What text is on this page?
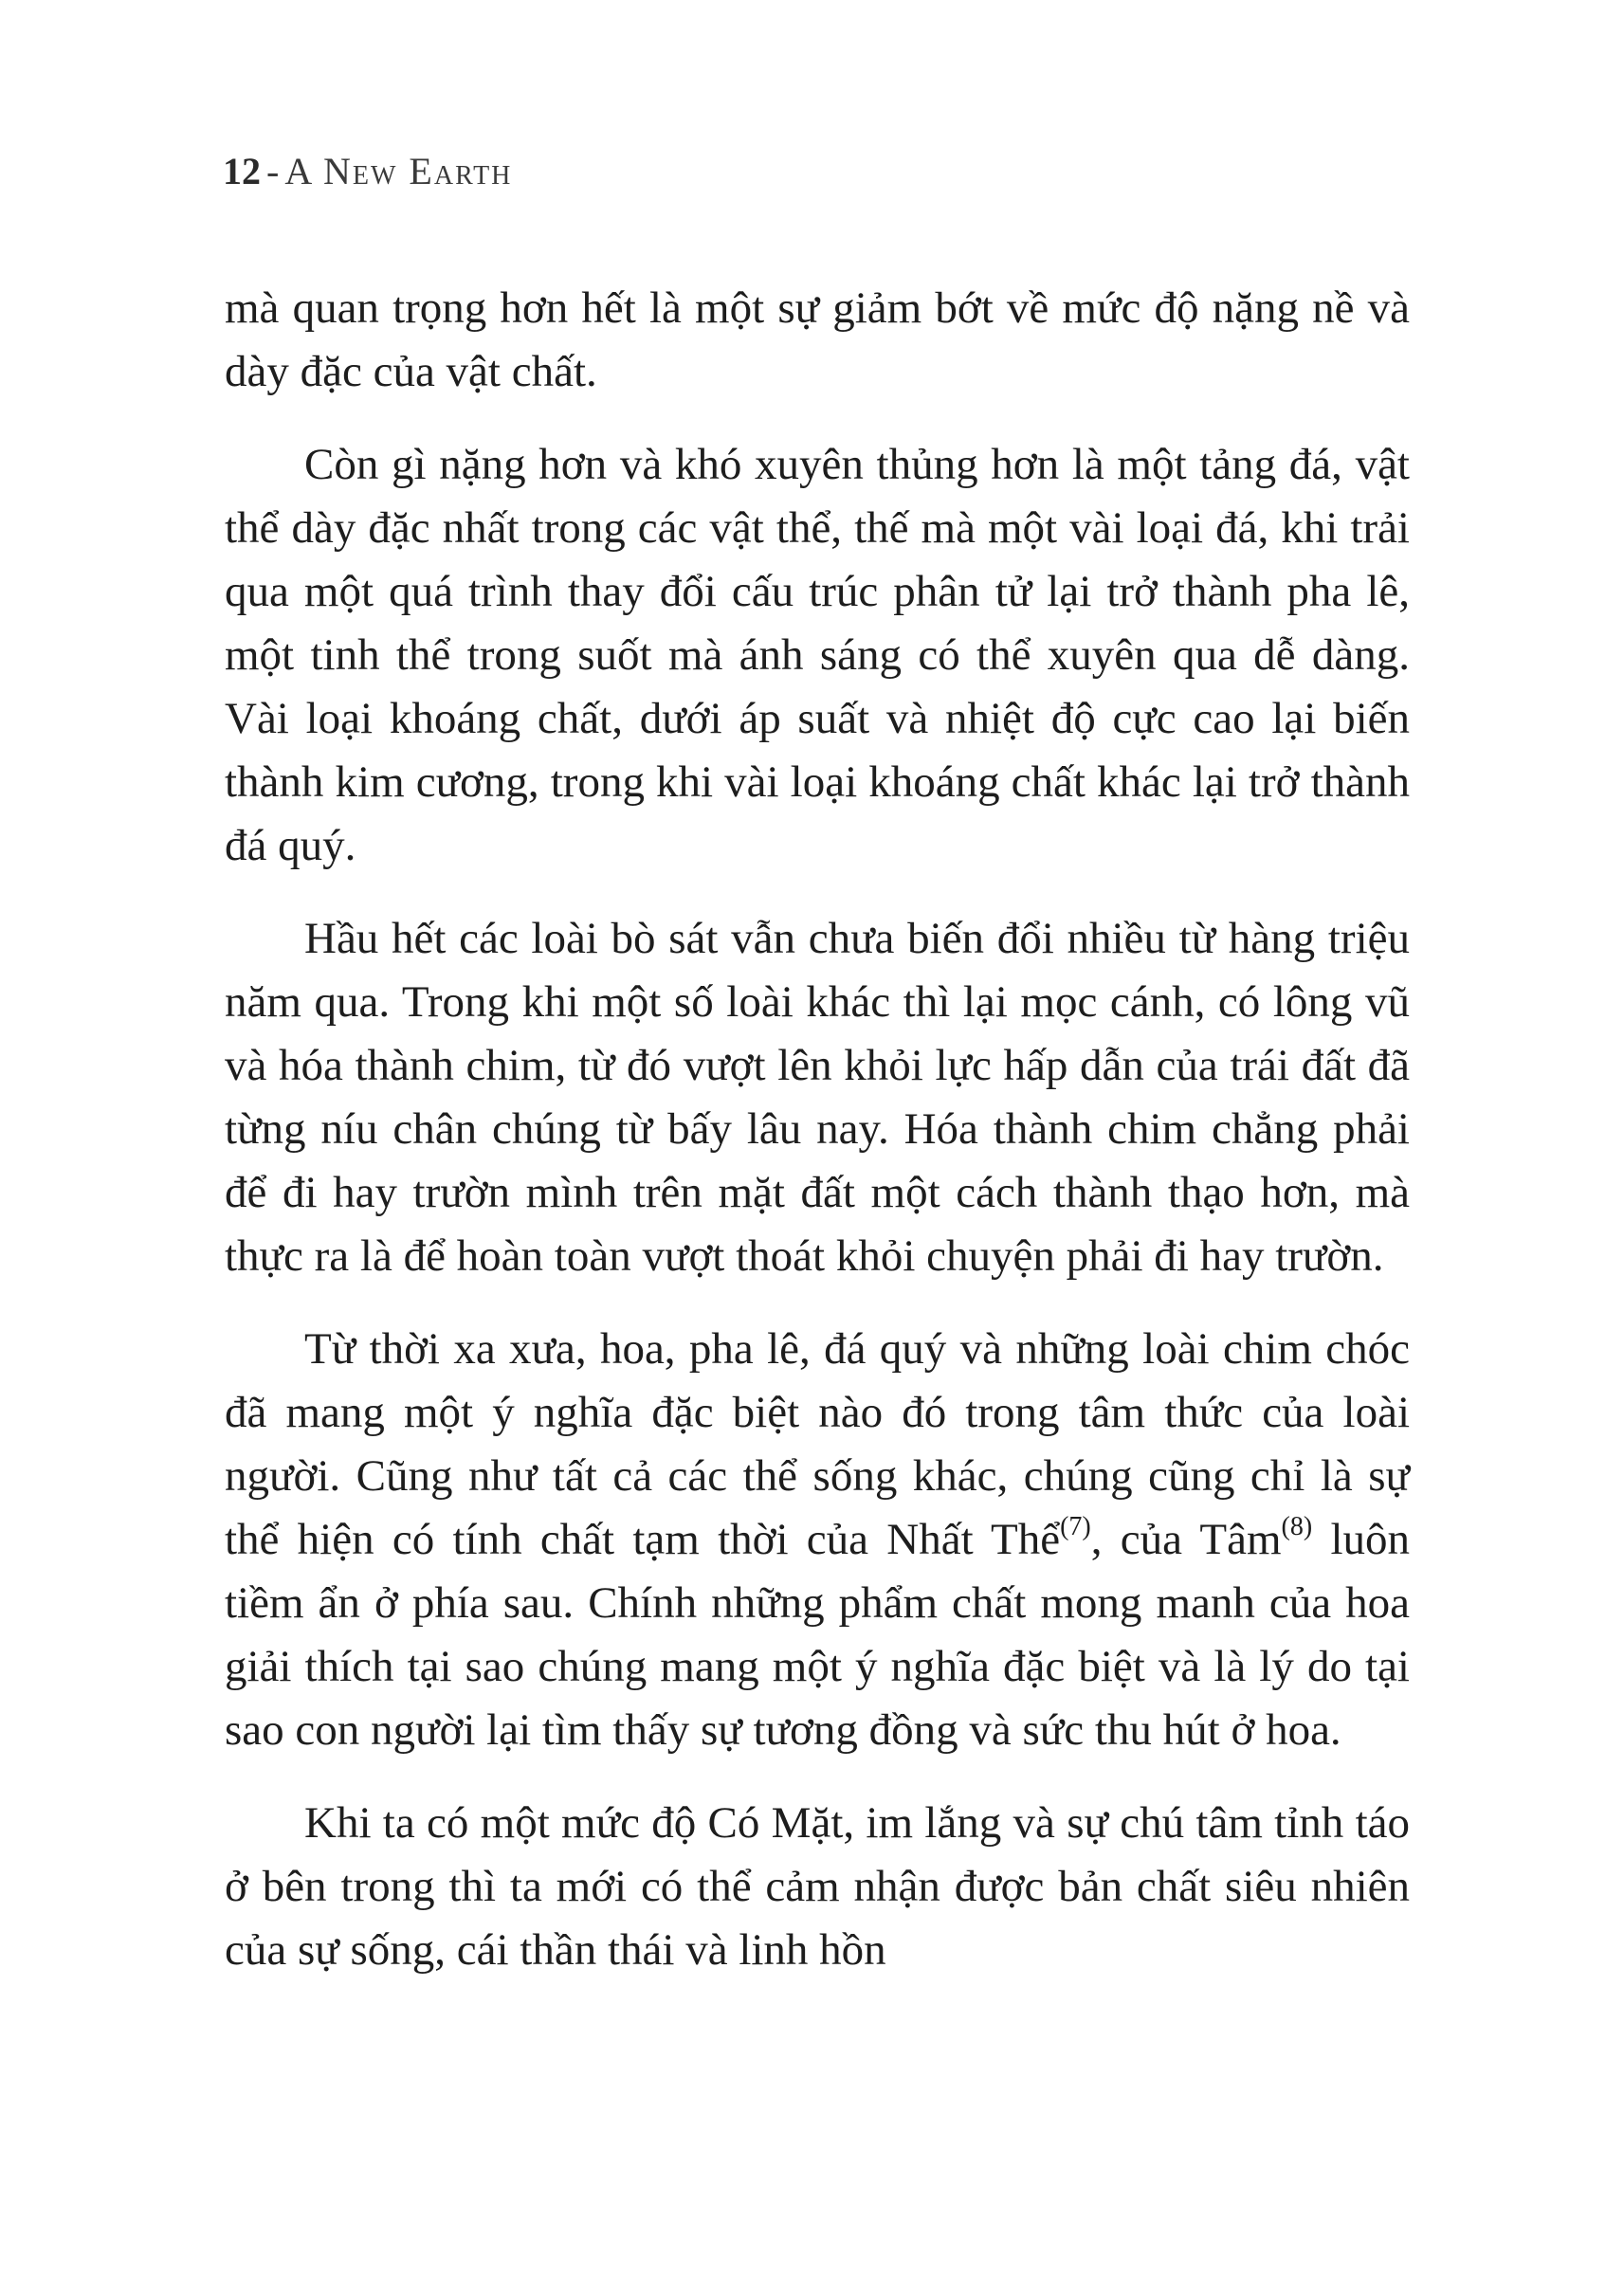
12 - A New Earth

mà quan trọng hơn hết là một sự giảm bớt về mức độ nặng nề và dày đặc của vật chất.

Còn gì nặng hơn và khó xuyên thủng hơn là một tảng đá, vật thể dày đặc nhất trong các vật thể, thế mà một vài loại đá, khi trải qua một quá trình thay đổi cấu trúc phân tử lại trở thành pha lê, một tinh thể trong suốt mà ánh sáng có thể xuyên qua dễ dàng. Vài loại khoáng chất, dưới áp suất và nhiệt độ cực cao lại biến thành kim cương, trong khi vài loại khoáng chất khác lại trở thành đá quý.

Hầu hết các loài bò sát vẫn chưa biến đổi nhiều từ hàng triệu năm qua. Trong khi một số loài khác thì lại mọc cánh, có lông vũ và hóa thành chim, từ đó vượt lên khỏi lực hấp dẫn của trái đất đã từng níu chân chúng từ bấy lâu nay. Hóa thành chim chẳng phải để đi hay trườn mình trên mặt đất một cách thành thạo hơn, mà thực ra là để hoàn toàn vượt thoát khỏi chuyện phải đi hay trườn.

Từ thời xa xưa, hoa, pha lê, đá quý và những loài chim chóc đã mang một ý nghĩa đặc biệt nào đó trong tâm thức của loài người. Cũng như tất cả các thể sống khác, chúng cũng chỉ là sự thể hiện có tính chất tạm thời của Nhất Thể$^{(7)}$, của Tâm$^{(8)}$ luôn tiềm ẩn ở phía sau. Chính những phẩm chất mong manh của hoa giải thích tại sao chúng mang một ý nghĩa đặc biệt và là lý do tại sao con người lại tìm thấy sự tương đồng và sức thu hút ở hoa.

Khi ta có một mức độ Có Mặt, im lắng và sự chú tâm tỉnh táo ở bên trong thì ta mới có thể cảm nhận được bản chất siêu nhiên của sự sống, cái thần thái và linh hồn
